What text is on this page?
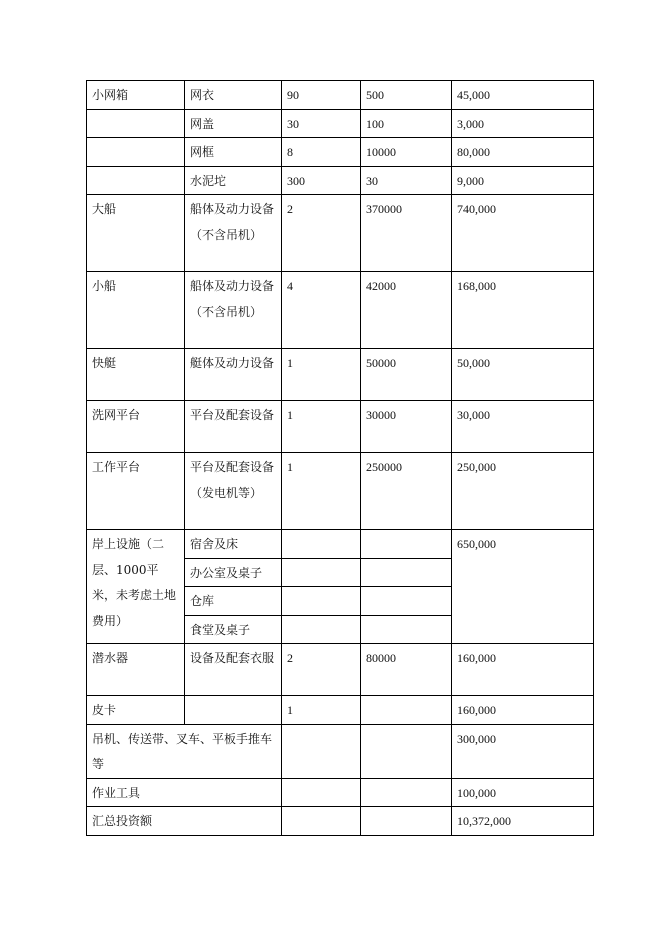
小网箱	网衣	90	500	45,000
	网盖	30	100	3,000
	网框	8	10000	80,000
	水泥坨	300	30	9,000
大船	船体及动力设备（不含吊机）	2	370000	740,000
小船	船体及动力设备（不含吊机）	4	42000	168,000
快艇	艇体及动力设备	1	50000	50,000
洗网平台	平台及配套设备	1	30000	30,000
工作平台	平台及配套设备（发电机等）	1	250000	250,000
岸上设施（二层、1000平米，未考虑土地费用）	宿舍及床			650,000
	办公室及桌子			
	仓库			
	食堂及桌子			
潜水器	设备及配套衣服	2	80000	160,000
皮卡		1		160,000
吊机、传送带、叉车、平板手推车等				300,000
作业工具				100,000
汇总投资额				10,372,000
